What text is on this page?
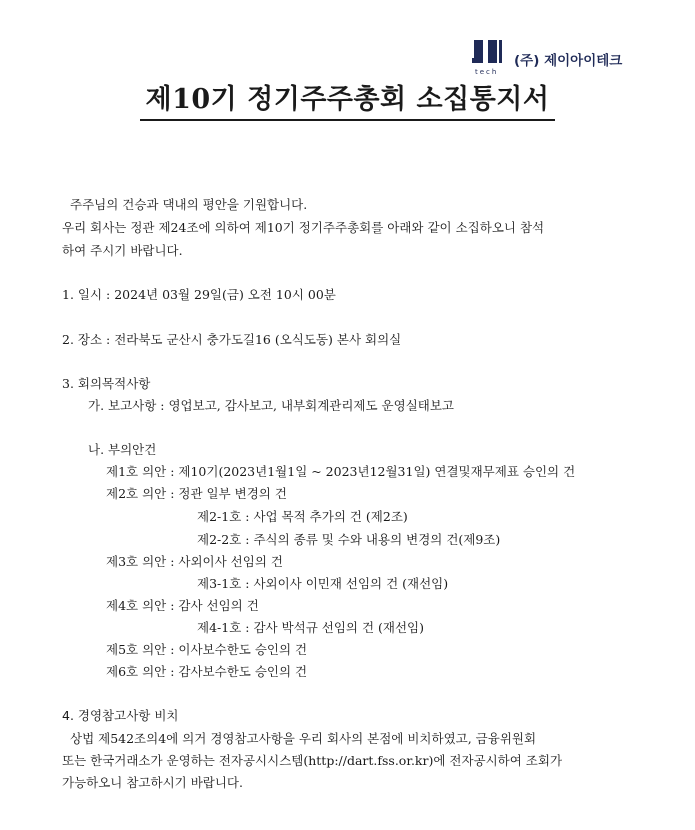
tech
(주) 제이아이테크
제10기 정기주주총회 소집통지서
주주님의 건승과 댁내의 평안을 기원합니다.
우리 회사는 정관 제24조에 의하여 제10기 정기주주총회를 아래와 같이 소집하오니 참석
하여 주시기 바랍니다.
1. 일시 : 2024년 03월 29일(금) 오전 10시 00분
2. 장소 : 전라북도 군산시 충가도길16 (오식도동) 본사 회의실
3. 회의목적사항
가. 보고사항 : 영업보고, 감사보고, 내부회계관리제도 운영실태보고
나. 부의안건
제1호 의안 : 제10기(2023년1월1일 ~ 2023년12월31일) 연결및재무제표 승인의 건
제2호 의안 : 정관 일부 변경의 건
제2-1호 : 사업 목적 추가의 건 (제2조)
제2-2호 : 주식의 종류 및 수와 내용의 변경의 건(제9조)
제3호 의안 : 사외이사 선임의 건
제3-1호 : 사외이사 이민재 선임의 건 (재선임)
제4호 의안 : 감사 선임의 건
제4-1호 : 감사 박석규 선임의 건 (재선임)
제5호 의안 : 이사보수한도 승인의 건
제6호 의안 : 감사보수한도 승인의 건
4. 경영참고사항 비치
상법 제542조의4에 의거 경영참고사항을 우리 회사의 본점에 비치하였고, 금융위원회
또는 한국거래소가 운영하는 전자공시시스템(http://dart.fss.or.kr)에 전자공시하여 조회가
가능하오니 참고하시기 바랍니다.
